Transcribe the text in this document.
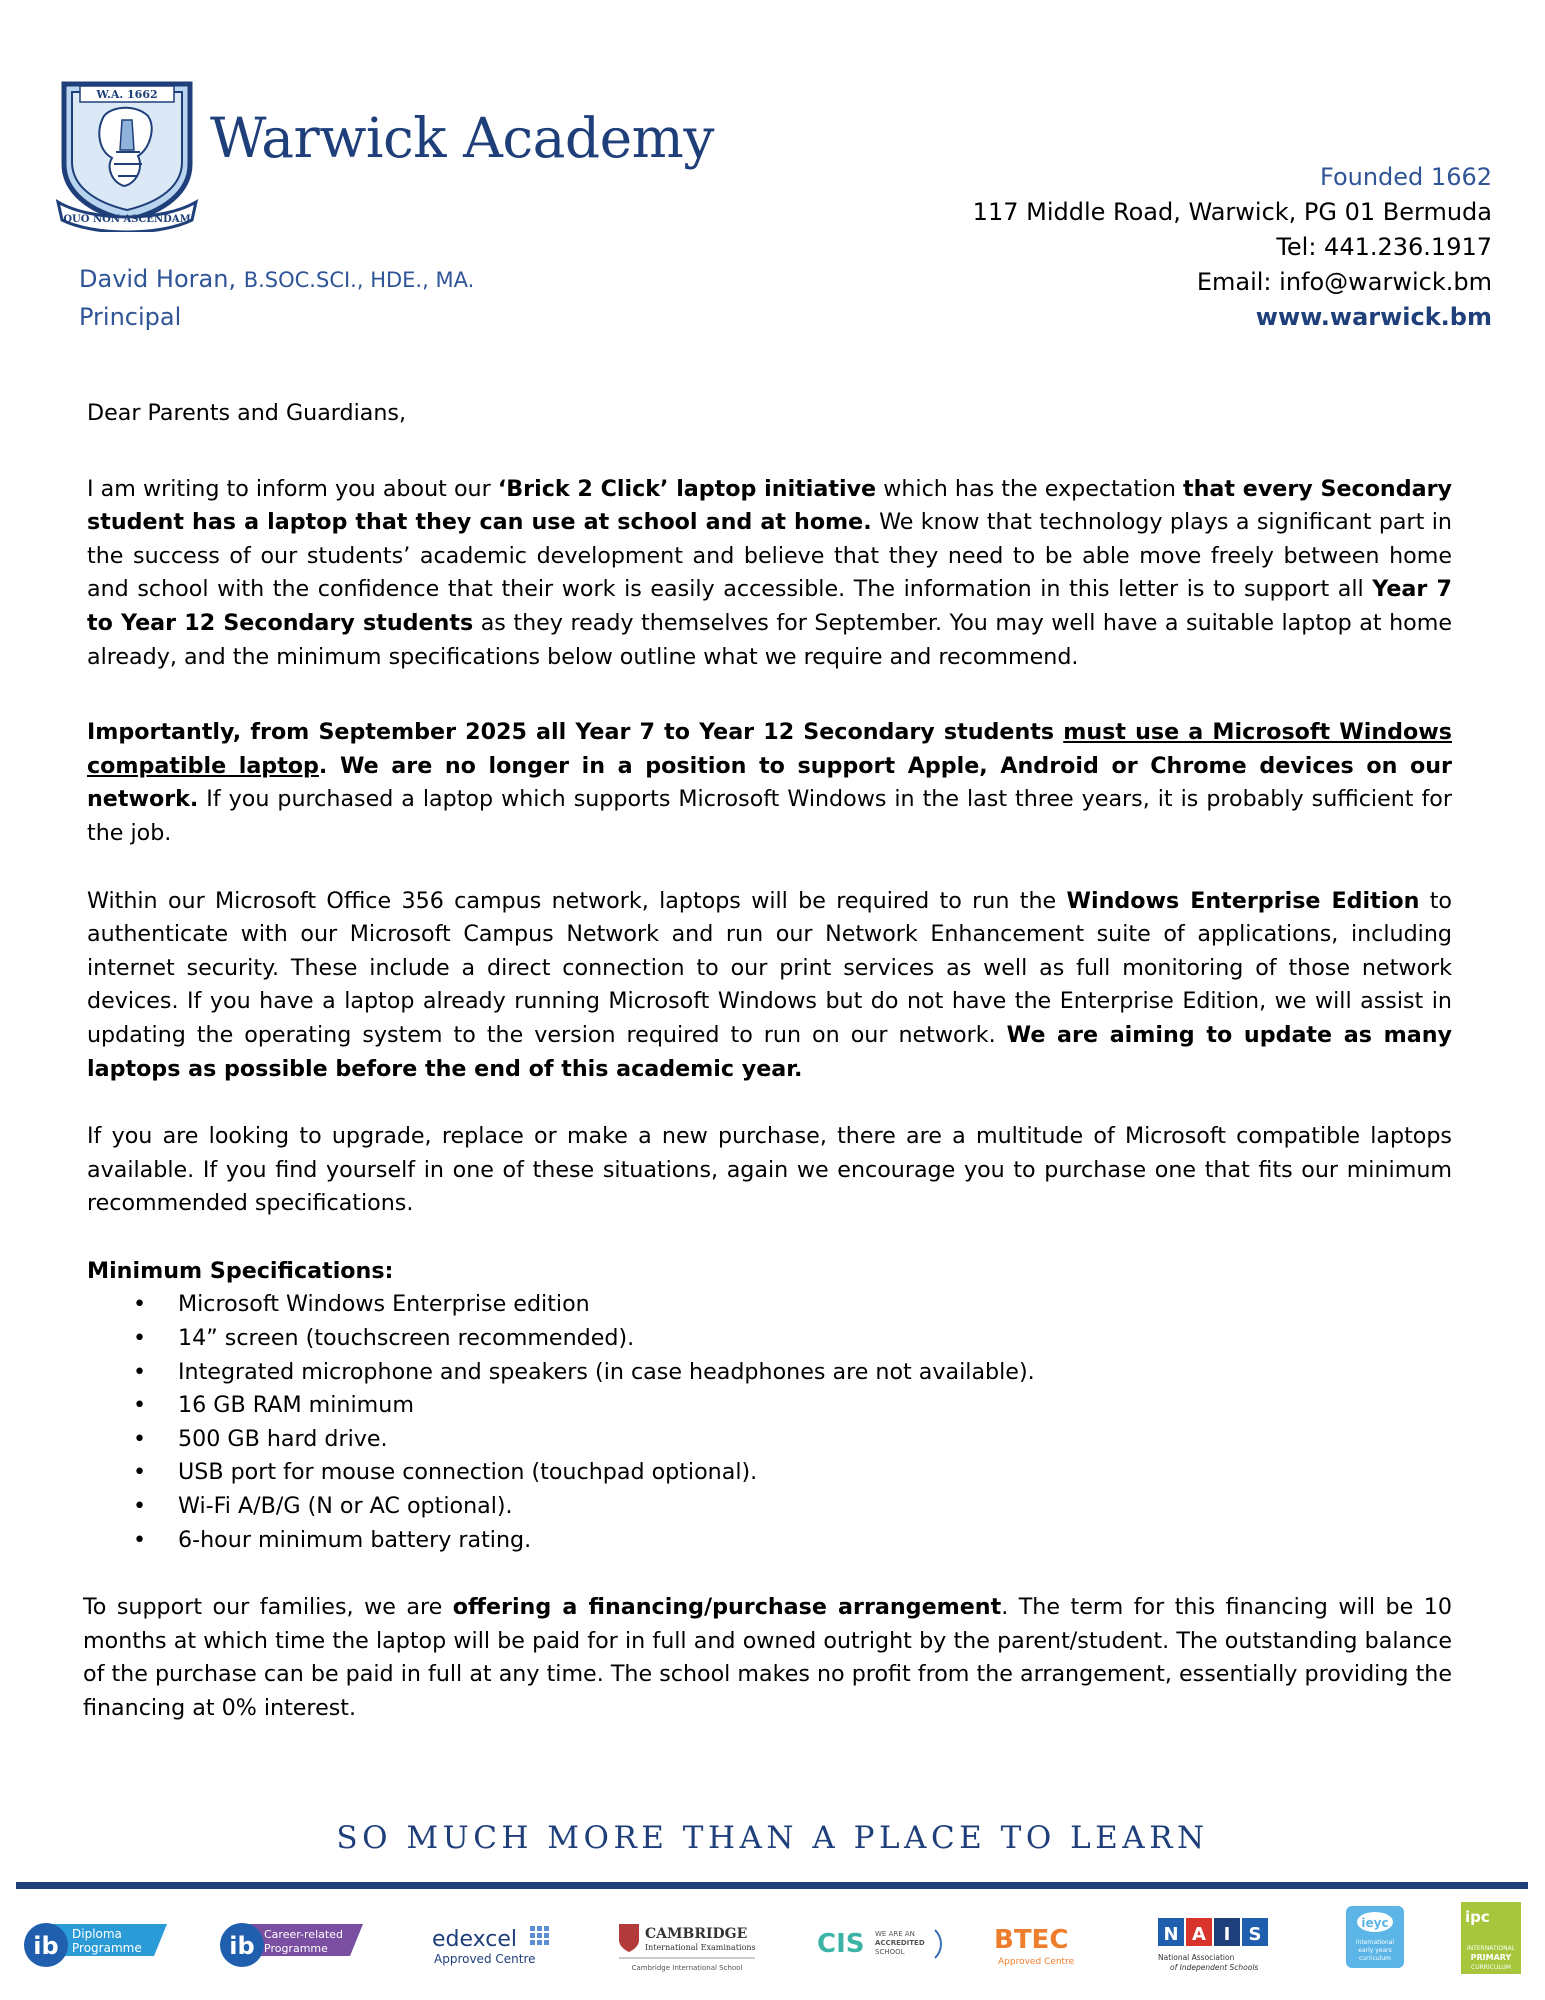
W.A. 1662
QUO NON ASCENDAM
Warwick Academy
Founded 1662
117 Middle Road, Warwick, PG 01 Bermuda
Tel: 441.236.1917
Email: info@warwick.bm
www.warwick.bm
David Horan, B.SOC.SCI., HDE., MA.
Principal

Dear Parents and Guardians,

I am writing to inform you about our ‘Brick 2 Click’ laptop initiative which has the expectation that every Secondary student has a laptop that they can use at school and at home. We know that technology plays a significant part in the success of our students’ academic development and believe that they need to be able move freely between home and school with the confidence that their work is easily accessible. The information in this letter is to support all Year 7 to Year 12 Secondary students as they ready themselves for September. You may well have a suitable laptop at home already, and the minimum specifications below outline what we require and recommend.

Importantly, from September 2025 all Year 7 to Year 12 Secondary students must use a Microsoft Windows compatible laptop. We are no longer in a position to support Apple, Android or Chrome devices on our network. If you purchased a laptop which supports Microsoft Windows in the last three years, it is probably sufficient for the job.

Within our Microsoft Office 356 campus network, laptops will be required to run the Windows Enterprise Edition to authenticate with our Microsoft Campus Network and run our Network Enhancement suite of applications, including internet security. These include a direct connection to our print services as well as full monitoring of those network devices. If you have a laptop already running Microsoft Windows but do not have the Enterprise Edition, we will assist in updating the operating system to the version required to run on our network. We are aiming to update as many laptops as possible before the end of this academic year.

If you are looking to upgrade, replace or make a new purchase, there are a multitude of Microsoft compatible laptops available. If you find yourself in one of these situations, again we encourage you to purchase one that fits our minimum recommended specifications.

Minimum Specifications:

• Microsoft Windows Enterprise edition
• 14” screen (touchscreen recommended).
• Integrated microphone and speakers (in case headphones are not available).
• 16 GB RAM minimum
• 500 GB hard drive.
• USB port for mouse connection (touchpad optional).
• Wi-Fi A/B/G (N or AC optional).
• 6-hour minimum battery rating.

To support our families, we are offering a financing/purchase arrangement. The term for this financing will be 10 months at which time the laptop will be paid for in full and owned outright by the parent/student. The outstanding balance of the purchase can be paid in full at any time. The school makes no profit from the arrangement, essentially providing the financing at 0% interest.

SO MUCH MORE THAN A PLACE TO LEARN
ib Diploma
Programme	ib Career-related
Programme	edexcel
Approved Centre
CAMBRIDGE
International Examinations
Cambridge International School
CIS WE ARE AN
ACCREDITED
SCHOOL	BTEC
Approved Centre
N A I S
National Association
of Independent Schools
ieyc
international
early years
curriculum
ipc
INTERNATIONAL
PRIMARY
CURRICULUM
